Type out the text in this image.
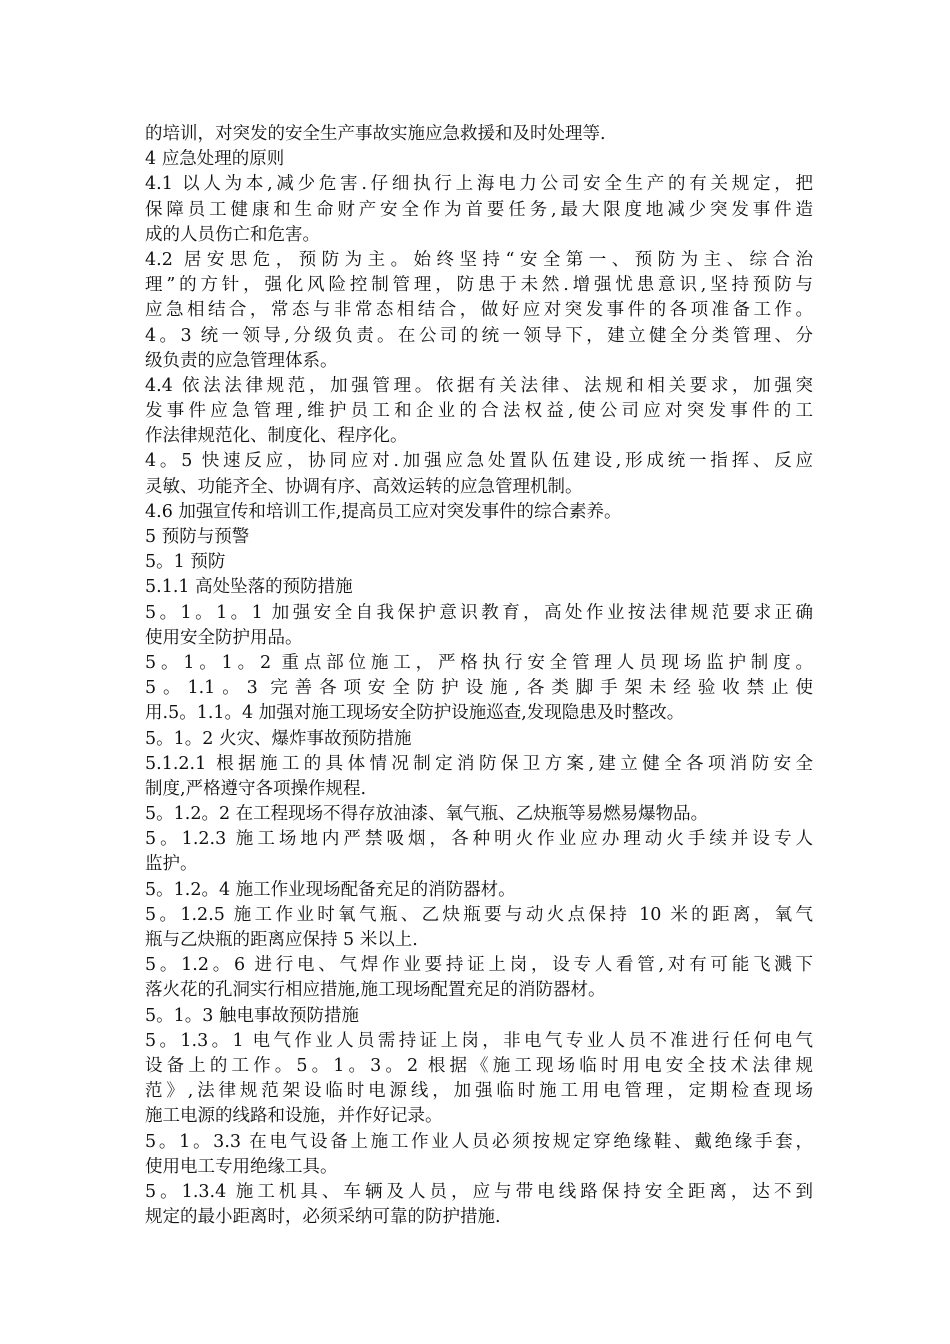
的培训，对突发的安全生产事故实施应急救援和及时处理等.
4 应急处理的原则
4.1 以人为本,减少危害.仔细执行上海电力公司安全生产的有关规定，把
保障员工健康和生命财产安全作为首要任务,最大限度地减少突发事件造
成的人员伤亡和危害。
4.2 居安思危，预防为主。始终坚持“安全第一、预防为主、综合治
理”的方针，强化风险控制管理，防患于未然.增强忧患意识,坚持预防与
应急相结合，常态与非常态相结合，做好应对突发事件的各项准备工作。
4。3 统一领导,分级负责。在公司的统一领导下，建立健全分类管理、分
级负责的应急管理体系。
4.4 依法法律规范，加强管理。依据有关法律、法规和相关要求，加强突
发事件应急管理,维护员工和企业的合法权益,使公司应对突发事件的工
作法律规范化、制度化、程序化。
4。5 快速反应，协同应对.加强应急处置队伍建设,形成统一指挥、反应
灵敏、功能齐全、协调有序、高效运转的应急管理机制。
4.6 加强宣传和培训工作,提高员工应对突发事件的综合素养。
5 预防与预警
5。1 预防
5.1.1 高处坠落的预防措施
5。1。1。1 加强安全自我保护意识教育，高处作业按法律规范要求正确
使用安全防护用品。
5。1。1。2 重点部位施工，严格执行安全管理人员现场监护制度。
5。1.1。3 完善各项安全防护设施,各类脚手架未经验收禁止使
用.5。1.1。4 加强对施工现场安全防护设施巡查,发现隐患及时整改。
5。1。2 火灾、爆炸事故预防措施
5.1.2.1 根据施工的具体情况制定消防保卫方案,建立健全各项消防安全
制度,严格遵守各项操作规程.
5。1.2。2 在工程现场不得存放油漆、氧气瓶、乙炔瓶等易燃易爆物品。
5。1.2.3 施工场地内严禁吸烟，各种明火作业应办理动火手续并设专人
监护。
5。1.2。4 施工作业现场配备充足的消防器材。
5。1.2.5 施工作业时氧气瓶、乙炔瓶要与动火点保持 10 米的距离，氧气
瓶与乙炔瓶的距离应保持 5 米以上.
5。1.2。6 进行电、气焊作业要持证上岗，设专人看管,对有可能飞溅下
落火花的孔洞实行相应措施,施工现场配置充足的消防器材。
5。1。3 触电事故预防措施
5。1.3。1 电气作业人员需持证上岗，非电气专业人员不准进行任何电气
设备上的工作。5。1。3。2 根据《施工现场临时用电安全技术法律规
范》,法律规范架设临时电源线，加强临时施工用电管理，定期检查现场
施工电源的线路和设施，并作好记录。
5。1。3.3 在电气设备上施工作业人员必须按规定穿绝缘鞋、戴绝缘手套，
使用电工专用绝缘工具。
5。1.3.4 施工机具、车辆及人员，应与带电线路保持安全距离，达不到
规定的最小距离时，必须采纳可靠的防护措施.
